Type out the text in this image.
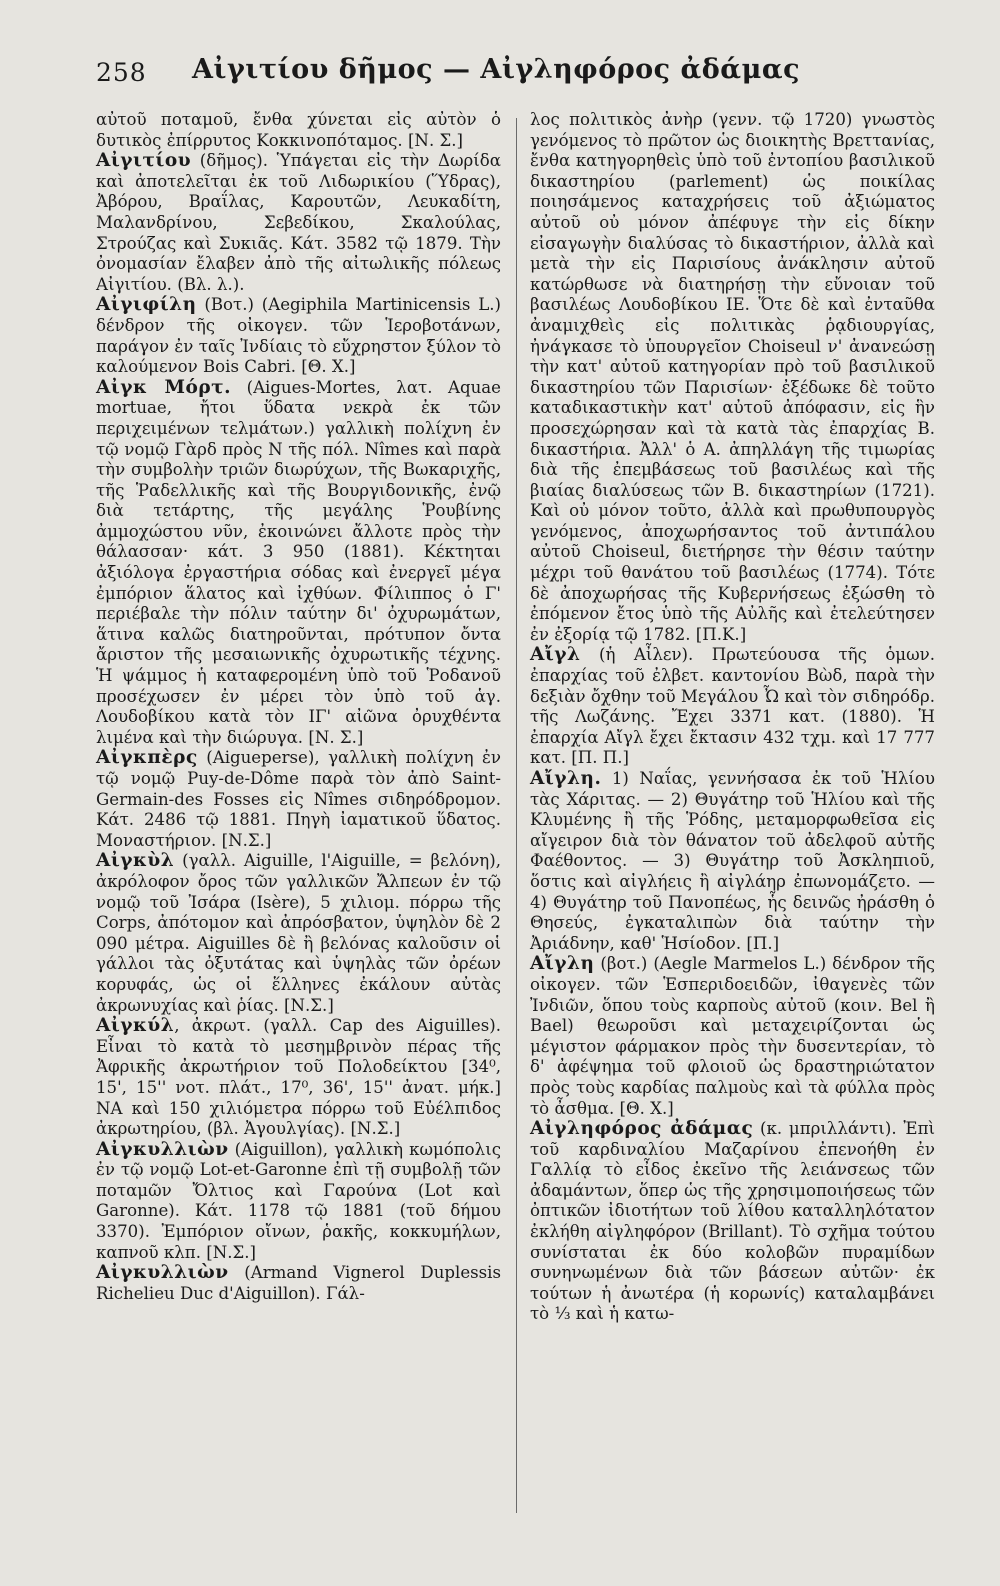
258	Αἰγιτίου δῆμος — Αἰγληφόρος ἀδάμας

αὐτοῦ ποταμοῦ, ἔνθα χύνεται εἰς αὐτὸν ὁ δυτικὸς ἐπίρρυτος Κοκκινοπόταμος. [Ν. Σ.]

Αἰγιτίου (δῆμος). Ὑπάγεται εἰς τὴν Δωρίδα καὶ ἀποτελεῖται ἐκ τοῦ Λιδωρικίου (Ὕδρας), Ἀβόρου, Βραΐλας, Καρουτῶν, Λευκαδίτη, Μαλανδρίνου, Σεβεδίκου, Σκαλούλας, Στρούζας καὶ Συκιᾶς. Κάτ. 3582 τῷ 1879. Τὴν ὀνομασίαν ἔλαβεν ἀπὸ τῆς αἰτωλικῆς πόλεως Αἰγιτίου. (Βλ. λ.).

Αἰγιφίλη (Βοτ.) (Aegiphila Martinicensis L.) δένδρον τῆς οἰκογεν. τῶν Ἱεροβοτάνων, παράγον ἐν ταῖς Ἰνδίαις τὸ εὔχρηστον ξύλον τὸ καλούμενον Bois Cabri. [Θ. Χ.]

Αἰγκ Μόρτ. (Aigues-Mortes, λατ. Aquae mortuae, ἤτοι ὕδατα νεκρὰ ἐκ τῶν περιχειμένων τελμάτων.) γαλλικὴ πολίχνη ἐν τῷ νομῷ Γὰρδ πρὸς Ν τῆς πόλ. Nîmes καὶ παρὰ τὴν συμβολὴν τριῶν διωρύχων, τῆς Βωκαριχῆς, τῆς Ῥαδελλικῆς καὶ τῆς Βουργιδονικῆς, ἐνῷ διὰ τετάρτης, τῆς μεγάλης Ῥουβίνης ἀμμοχώστου νῦν, ἐκοινώνει ἄλλοτε πρὸς τὴν θάλασσαν· κάτ. 3 950 (1881). Κέκτηται ἀξιόλογα ἐργαστήρια σόδας καὶ ἐνεργεῖ μέγα ἐμπόριον ἅλατος καὶ ἰχθύων. Φίλιππος ὁ Γ' περιέβαλε τὴν πόλιν ταύτην δι' ὀχυρωμάτων, ἅτινα καλῶς διατηροῦνται, πρότυπον ὄντα ἄριστον τῆς μεσαιωνικῆς ὀχυρωτικῆς τέχνης. Ἡ ψάμμος ἡ καταφερομένη ὑπὸ τοῦ Ῥοδανοῦ προσέχωσεν ἐν μέρει τὸν ὑπὸ τοῦ ἁγ. Λουδοβίκου κατὰ τὸν ΙΓ' αἰῶνα ὀρυχθέντα λιμένα καὶ τὴν διώρυγα. [Ν. Σ.]

Αἰγκπὲρς (Aigueperse), γαλλικὴ πολίχνη ἐν τῷ νομῷ Puy-de-Dôme παρὰ τὸν ἀπὸ Saint-Germain-des Fosses εἰς Nîmes σιδηρόδρομον. Κάτ. 2486 τῷ 1881. Πηγὴ ἰαματικοῦ ὕδατος. Μοναστήριον. [Ν.Σ.]

Αἰγκὺλ (γαλλ. Aiguille, l'Aiguille, = βελόνη), ἀκρόλοφον ὄρος τῶν γαλλικῶν Ἄλπεων ἐν τῷ νομῷ τοῦ Ἰσάρα (Isère), 5 χιλιομ. πόρρω τῆς Corps, ἀπότομον καὶ ἀπρόσβατον, ὑψηλὸν δὲ 2 090 μέτρα. Aiguilles δὲ ἢ βελόνας καλοῦσιν οἱ γάλλοι τὰς ὀξυτάτας καὶ ὑψηλὰς τῶν ὀρέων κορυφάς, ὡς οἱ ἕλληνες ἐκάλουν αὐτὰς ἀκρωνυχίας καὶ ῥίας. [Ν.Σ.]

Αἰγκύλ, ἀκρωτ. (γαλλ. Cap des Aiguilles). Εἶναι τὸ κατὰ τὸ μεσημβρινὸν πέρας τῆς Ἀφρικῆς ἀκρωτήριον τοῦ Πολοδείκτου [34⁰, 15', 15'' νοτ. πλάτ., 17⁰, 36', 15'' ἀνατ. μήκ.] ΝΑ καὶ 150 χιλιόμετρα πόρρω τοῦ Εὐέλπιδος ἀκρωτηρίου, (βλ. Ἀγουλγίας). [Ν.Σ.]

Αἰγκυλλιὼν (Aiguillon), γαλλικὴ κωμόπολις ἐν τῷ νομῷ Lot-et-Garonne ἐπὶ τῇ συμβολῇ τῶν ποταμῶν Ὄλτιος καὶ Γαρούνα (Lot καὶ Garonne). Κάτ. 1178 τῷ 1881 (τοῦ δήμου 3370). Ἐμπόριον οἴνων, ῥακῆς, κοκκυμήλων, καπνοῦ κλπ. [Ν.Σ.]

Αἰγκυλλιὼν (Armand Vignerol Duplessis Richelieu Duc d'Aiguillon). Γάλ-

λος πολιτικὸς ἀνὴρ (γενν. τῷ 1720) γνωστὸς γενόμενος τὸ πρῶτον ὡς διοικητὴς Βρεττανίας, ἔνθα κατηγορηθεὶς ὑπὸ τοῦ ἐντοπίου βασιλικοῦ δικαστηρίου (parlement) ὡς ποικίλας ποιησάμενος καταχρήσεις τοῦ ἀξιώματος αὐτοῦ οὐ μόνον ἀπέφυγε τὴν εἰς δίκην εἰσαγωγὴν διαλύσας τὸ δικαστήριον, ἀλλὰ καὶ μετὰ τὴν εἰς Παρισίους ἀνάκλησιν αὐτοῦ κατώρθωσε νὰ διατηρήσῃ τὴν εὔνοιαν τοῦ βασιλέως Λουδοβίκου ΙΕ. Ὅτε δὲ καὶ ἐνταῦθα ἀναμιχθεὶς εἰς πολιτικὰς ῥᾳδιουργίας, ἠνάγκασε τὸ ὑπουργεῖον Choiseul ν' ἀνανεώσῃ τὴν κατ' αὐτοῦ κατηγορίαν πρὸ τοῦ βασιλικοῦ δικαστηρίου τῶν Παρισίων· ἐξέδωκε δὲ τοῦτο καταδικαστικὴν κατ' αὐτοῦ ἀπόφασιν, εἰς ἣν προσεχώρησαν καὶ τὰ κατὰ τὰς ἐπαρχίας Β. δικαστήρια. Ἀλλ' ὁ Α. ἀπηλλάγη τῆς τιμωρίας διὰ τῆς ἐπεμβάσεως τοῦ βασιλέως καὶ τῆς βιαίας διαλύσεως τῶν Β. δικαστηρίων (1721). Καὶ οὐ μόνον τοῦτο, ἀλλὰ καὶ πρωθυπουργὸς γενόμενος, ἀποχωρήσαντος τοῦ ἀντιπάλου αὐτοῦ Choiseul, διετήρησε τὴν θέσιν ταύτην μέχρι τοῦ θανάτου τοῦ βασιλέως (1774). Τότε δὲ ἀποχωρήσας τῆς Κυβερνήσεως ἐξώσθη τὸ ἐπόμενον ἔτος ὑπὸ τῆς Αὐλῆς καὶ ἐτελεύτησεν ἐν ἐξορίᾳ τῷ 1782. [Π.Κ.]

Αἴγλ (ἡ Αἶλεν). Πρωτεύουσα τῆς ὁμων. ἐπαρχίας τοῦ ἐλβετ. καντονίου Βὼδ, παρὰ τὴν δεξιὰν ὄχθην τοῦ Μεγάλου Ὦ καὶ τὸν σιδηρόδρ. τῆς Λωζάνης. Ἔχει 3371 κατ. (1880). Ἡ ἐπαρχία Αἴγλ ἔχει ἔκτασιν 432 τχμ. καὶ 17 777 κατ. [Π. Π.]

Αἴγλη. 1) Ναΐας, γεννήσασα ἐκ τοῦ Ἡλίου τὰς Χάριτας. — 2) Θυγάτηρ τοῦ Ἡλίου καὶ τῆς Κλυμένης ἢ τῆς Ῥόδης, μεταμορφωθεῖσα εἰς αἴγειρον διὰ τὸν θάνατον τοῦ ἀδελφοῦ αὐτῆς Φαέθοντος. — 3) Θυγάτηρ τοῦ Ἀσκληπιοῦ, ὅστις καὶ αἰγλήεις ἢ αἰγλάηρ ἐπωνομάζετο. — 4) Θυγάτηρ τοῦ Πανοπέως, ἧς δεινῶς ἠράσθη ὁ Θησεύς, ἐγκαταλιπὼν διὰ ταύτην τὴν Ἀριάδνην, καθ' Ἡσίοδον. [Π.]

Αἴγλη (βοτ.) (Aegle Marmelos L.) δένδρον τῆς οἰκογεν. τῶν Ἑσπεριδοειδῶν, ἰθαγενὲς τῶν Ἰνδιῶν, ὅπου τοὺς καρποὺς αὐτοῦ (κοιν. Bel ἢ Bael) θεωροῦσι καὶ μεταχειρίζονται ὡς μέγιστον φάρμακον πρὸς τὴν δυσεντερίαν, τὸ δ' ἀφέψημα τοῦ φλοιοῦ ὡς δραστηριώτατον πρὸς τοὺς καρδίας παλμοὺς καὶ τὰ φύλλα πρὸς τὸ ἆσθμα. [Θ. Χ.]

Αἰγληφόρος ἀδάμας (κ. μπριλλάντι). Ἐπὶ τοῦ καρδιναλίου Μαζαρίνου ἐπενοήθη ἐν Γαλλίᾳ τὸ εἶδος ἐκεῖνο τῆς λειάνσεως τῶν ἀδαμάντων, ὅπερ ὡς τῆς χρησιμοποιήσεως τῶν ὀπτικῶν ἰδιοτήτων τοῦ λίθου καταλληλότατον ἐκλήθη αἰγληφόρον (Brillant). Τὸ σχῆμα τούτου συνίσταται ἐκ δύο κολοβῶν πυραμίδων συνηνωμένων διὰ τῶν βάσεων αὐτῶν· ἐκ τούτων ἡ ἀνωτέρα (ἡ κορωνίς) καταλαμβάνει τὸ ⅓ καὶ ἡ κατω-
